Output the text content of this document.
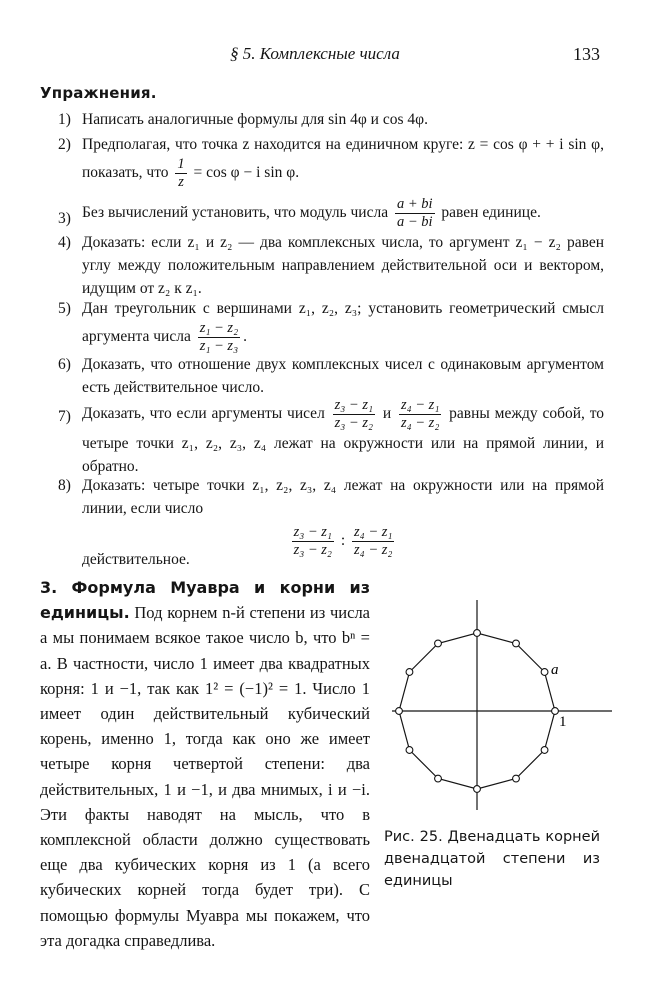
§ 5. Комплексные числа	133
Упражнения.
1) Написать аналогичные формулы для sin 4φ и cos 4φ.
2) Предполагая, что точка z находится на единичном круге: z = cos φ + + i sin φ, показать, что $\frac{1}{z} = \cos \varphi - i$ sin φ.
3) Без вычислений установить, что модуль числа $\frac{a + bi}{a - bi}$ равен единице.
4) Доказать: если z₁ и z₂ — два комплексных числа, то аргумент z₁ − z₂ равен углу между положительным направлением действительной оси и вектором, идущим от z₂ к z₁.
5) Дан треугольник с вершинами z₁, z₂, z₃; установить геометрический смысл аргумента числа $\frac{\text{z₁ − z₂}}{\text{z₁ − z₃}}$ .
6) Доказать, что отношение двух комплексных чисел с одинаковым аргументом есть действительное число.
7) Доказать, что если аргументы чисел $\frac{\text{z₃ − z₁}}{\text{z₃ − z₂}}$ и $\frac{\text{z₄ − z₁}}{\text{z₄ − z₂}}$ равны между собой, то четыре точки z₁, z₂, z₃, z₄ лежат на окружности или на прямой линии, и обратно.
8) Доказать: четыре точки z₁, z₂, z₃, z₄ лежат на окружности или на прямой линии, если число
$\frac{\text{z₃ − z₁}}{\text{z₃ − z₂}}$ : $\frac{\text{z₄ − z₁}}{\text{z₄ − z₂}}$
действительное.
3. Формула Муавра и корни из единицы. Под корнем n-й степени из числа a мы понимаем всякое такое число b, что bⁿ = a. В частности, число 1 имеет два квадратных корня: 1 и −1, так как 1² = (−1)² = 1. Число 1 имеет один действительный кубический корень, именно 1, тогда как оно же имеет четыре корня четвертой степени: два действительных, 1 и −1, и два мнимых, i и −i. Эти факты наводят на мысль, что в комплексной области должно существовать еще два кубических корня из 1 (а всего кубических корней тогда будет три). С помощью формулы Муавра мы покажем, что эта догадка справедлива.
a
1
Рис. 25. Двенадцать корней двенадцатой степени из единицы
